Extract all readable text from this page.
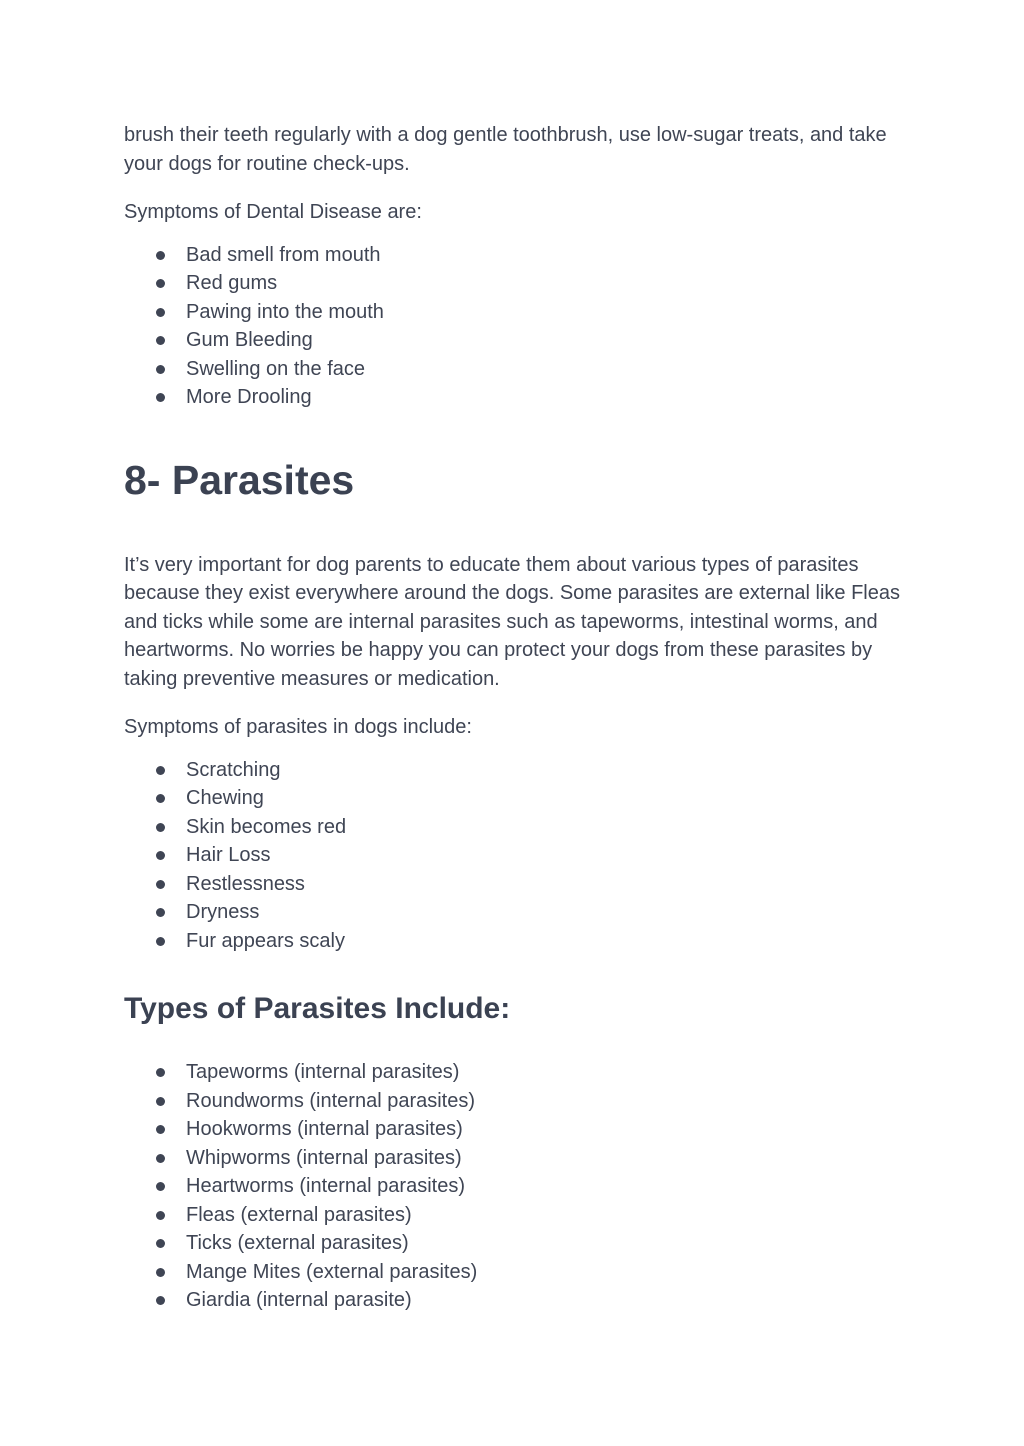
brush their teeth regularly with a dog gentle toothbrush, use low-sugar treats, and take your dogs for routine check-ups.

Symptoms of Dental Disease are:

Bad smell from mouth
Red gums
Pawing into the mouth
Gum Bleeding
Swelling on the face
More Drooling
8- Parasites

It’s very important for dog parents to educate them about various types of parasites because they exist everywhere around the dogs. Some parasites are external like Fleas and ticks while some are internal parasites such as tapeworms, intestinal worms, and heartworms. No worries be happy you can protect your dogs from these parasites by taking preventive measures or medication.

Symptoms of parasites in dogs include:

Scratching
Chewing
Skin becomes red
Hair Loss
Restlessness
Dryness
Fur appears scaly
Types of Parasites Include:
Tapeworms (internal parasites)
Roundworms (internal parasites)
Hookworms (internal parasites)
Whipworms (internal parasites)
Heartworms (internal parasites)
Fleas (external parasites)
Ticks (external parasites)
Mange Mites (external parasites)
Giardia (internal parasite)
